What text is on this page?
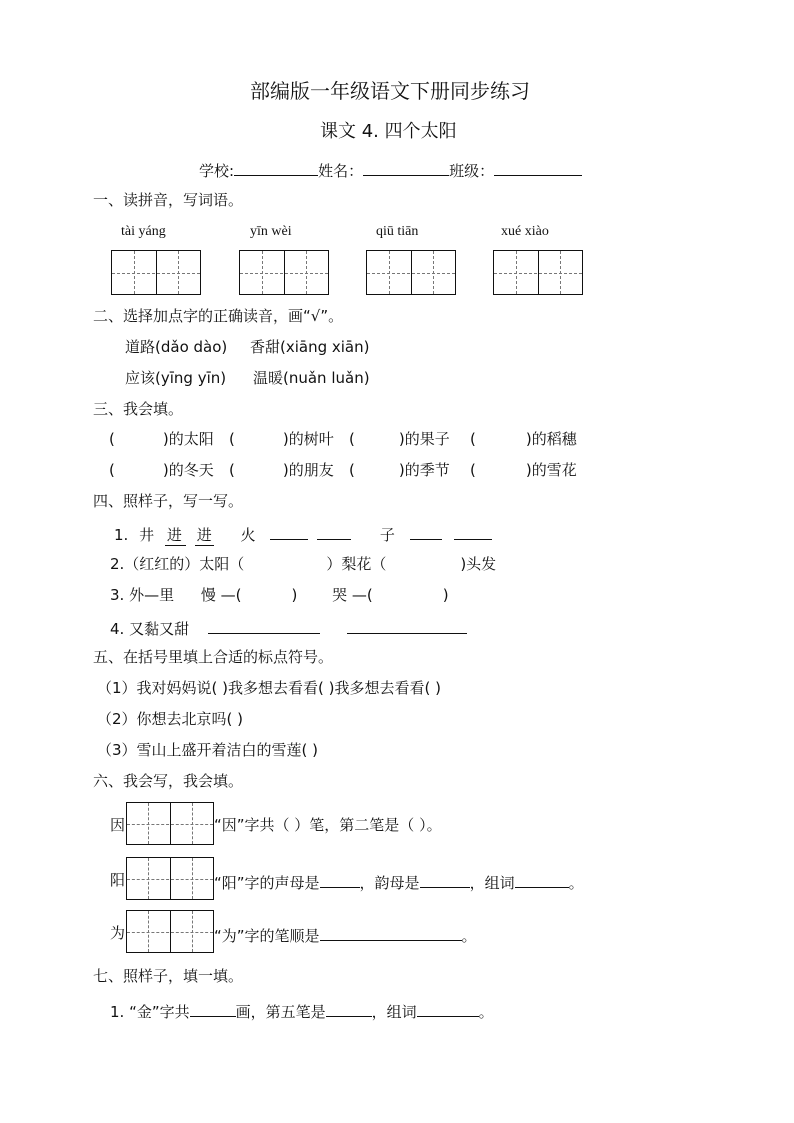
部编版一年级语文下册同步练习
课文 4. 四个太阳
学校:	姓名：	班级：
一、读拼音，写词语。
tài yáng	yīn wèi	qiū tiān	xué xiào
二、选择加点字的正确读音，画“√”。
道路(dǎo dào) 香甜(xiāng xiān)
应该(yīng yīn) 温暖(nuǎn luǎn)
三、我会填。
(	)的太阳 (	)的树叶 (	)的果子 (	)的稻穗
(	)的冬天 (	)的朋友 (	)的季节 (	)的雪花
四、照样子，写一写。
1. 井 进 进 火	子
2.（红红的）太阳（	）梨花（	)头发
3. 外—里 慢 —(	) 哭 —(	)
4. 又黏又甜
五、在括号里填上合适的标点符号。
（1）我对妈妈说( )我多想去看看( )我多想去看看( )
（2）你想去北京吗( )
（3）雪山上盛开着洁白的雪莲( )
六、我会写，我会填。
因	“因”字共（ ）笔，第二笔是（ ）。
阳	“阳”字的声母是	，韵母是	，组词	。
为	“为”字的笔顺是	。
七、照样子，填一填。
1. “金”字共	画，第五笔是	，组词	。
